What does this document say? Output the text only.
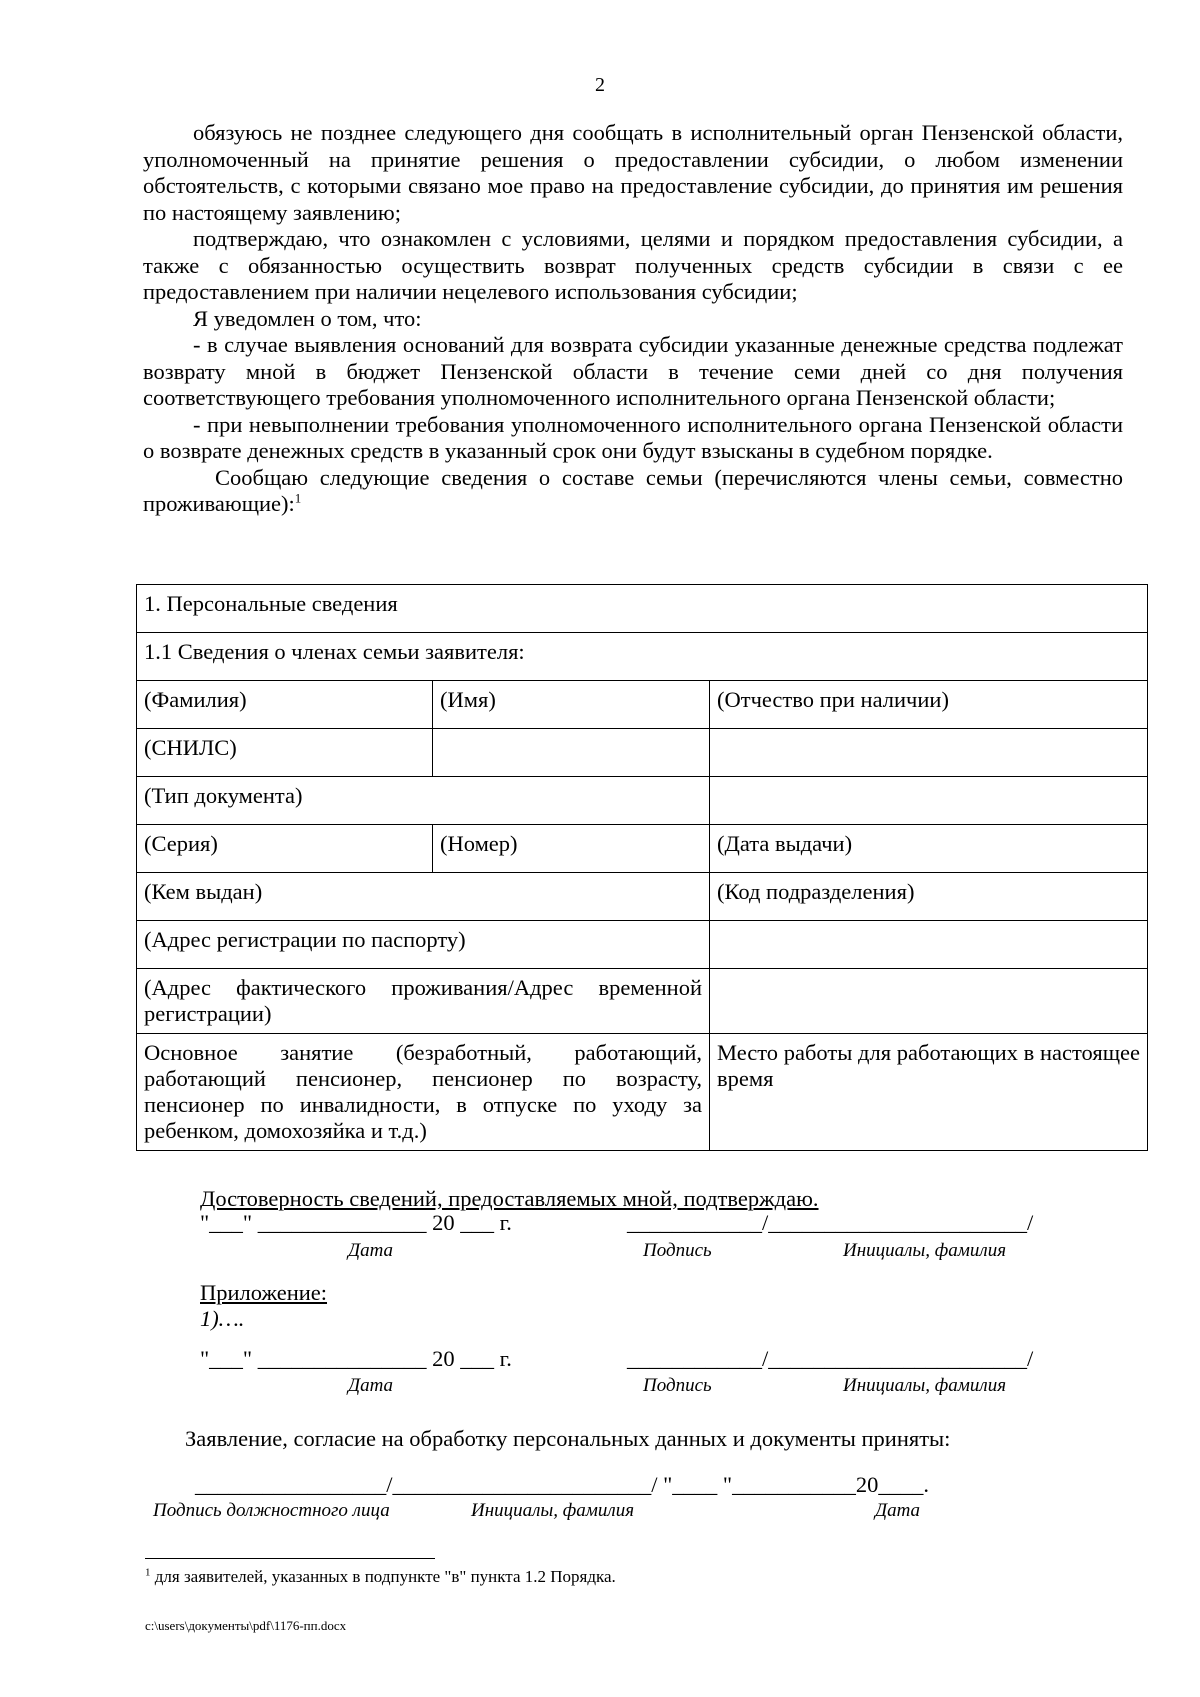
2

обязуюсь не позднее следующего дня сообщать в исполнительный орган Пензенской области, уполномоченный на принятие решения о предоставлении субсидии, о любом изменении обстоятельств, с которыми связано мое право на предоставление субсидии, до принятия им решения по настоящему заявлению;

подтверждаю, что ознакомлен с условиями, целями и порядком предоставления субсидии, а также с обязанностью осуществить возврат полученных средств субсидии в связи с ее предоставлением при наличии нецелевого использования субсидии;

Я уведомлен о том, что:

- в случае выявления оснований для возврата субсидии указанные денежные средства подлежат возврату мной в бюджет Пензенской области в течение семи дней со дня получения соответствующего требования уполномоченного исполнительного органа Пензенской области;

- при невыполнении требования уполномоченного исполнительного органа Пензенской области о возврате денежных средств в указанный срок они будут взысканы в судебном порядке.

Сообщаю следующие сведения о составе семьи (перечисляются члены семьи, совместно проживающие):$^1$

1. Персональные сведения		
1.1 Сведения о членах семьи заявителя:		
(Фамилия)	(Имя)	(Отчество при наличии)
(СНИЛС)		
(Тип документа)		
(Серия)	(Номер)	(Дата выдачи)
(Кем выдан)		(Код подразделения)
(Адрес регистрации по паспорту)		
(Адрес фактического проживания/Адрес временной регистрации)		
Основное занятие (безработный, работающий, работающий пенсионер, пенсионер по возрасту, пенсионер по инвалидности, в отпуске по уходу за ребенком, домохозяйка и т.д.)		Место работы для работающих в настоящее время
Достоверность сведений, предоставляемых мной, подтверждаю.
"___" _______________ 20 ___ г.	____________/_______________________/
Дата	Подпись	Инициалы, фамилия
Приложение:
1)….
"___" _______________ 20 ___ г.	____________/_______________________/
Дата	Подпись	Инициалы, фамилия
Заявление, согласие на обработку персональных данных и документы приняты:
_________________/_______________________/ "____ "___________20____.
Подпись должностного лица	Инициалы, фамилия	Дата
$^1$ для заявителей, указанных в подпункте "в" пункта 1.2 Порядка.
c:\users\документы\pdf\1176-пп.docx
